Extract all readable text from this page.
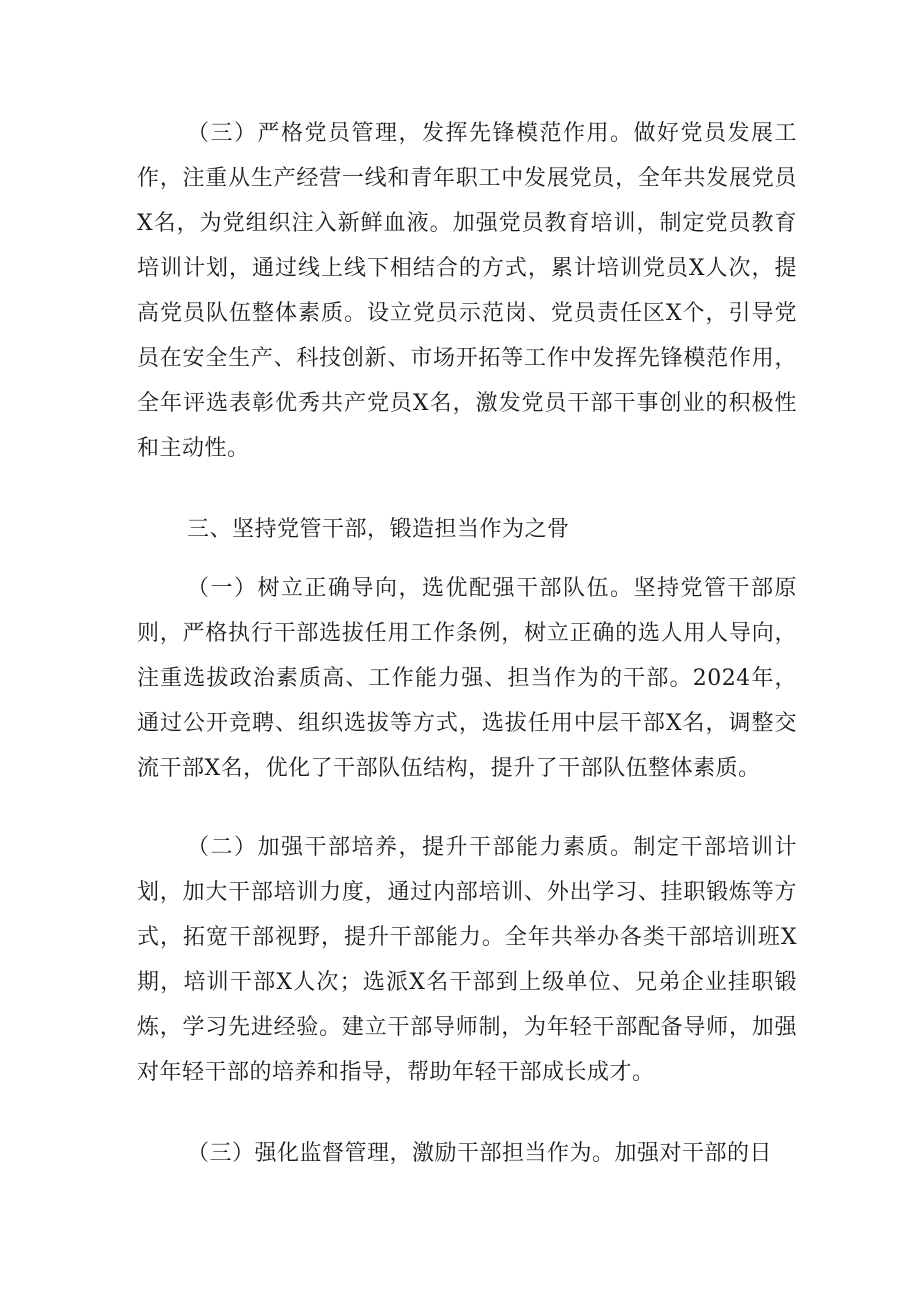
（三）严格党员管理，发挥先锋模范作用。做好党员发展工作，注重从生产经营一线和青年职工中发展党员，全年共发展党员X名，为党组织注入新鲜血液。加强党员教育培训，制定党员教育培训计划，通过线上线下相结合的方式，累计培训党员X人次，提高党员队伍整体素质。设立党员示范岗、党员责任区X个，引导党员在安全生产、科技创新、市场开拓等工作中发挥先锋模范作用，全年评选表彰优秀共产党员X名，激发党员干部干事创业的积极性和主动性。

三、坚持党管干部，锻造担当作为之骨

（一）树立正确导向，选优配强干部队伍。坚持党管干部原则，严格执行干部选拔任用工作条例，树立正确的选人用人导向，注重选拔政治素质高、工作能力强、担当作为的干部。2024年，通过公开竞聘、组织选拔等方式，选拔任用中层干部X名，调整交流干部X名，优化了干部队伍结构，提升了干部队伍整体素质。

（二）加强干部培养，提升干部能力素质。制定干部培训计划，加大干部培训力度，通过内部培训、外出学习、挂职锻炼等方式，拓宽干部视野，提升干部能力。全年共举办各类干部培训班X期，培训干部X人次；选派X名干部到上级单位、兄弟企业挂职锻炼，学习先进经验。建立干部导师制，为年轻干部配备导师，加强对年轻干部的培养和指导，帮助年轻干部成长成才。

（三）强化监督管理，激励干部担当作为。加强对干部的日
